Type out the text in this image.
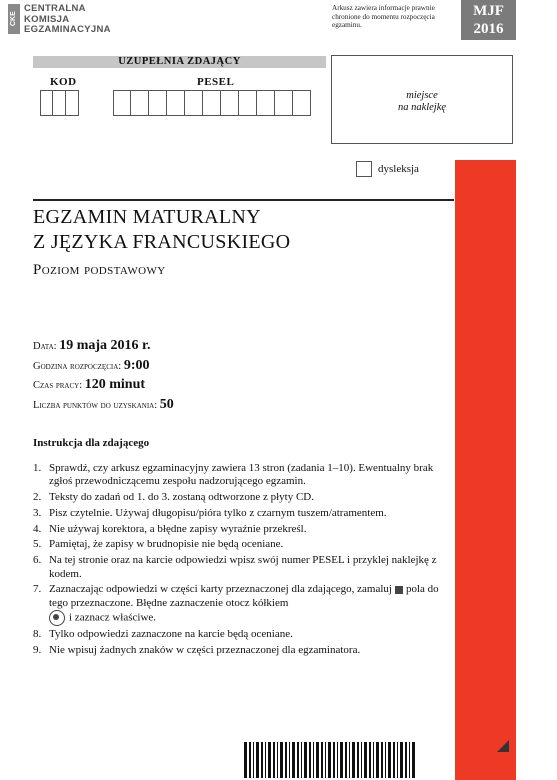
CKE
CENTRALNA
KOMISJA
EGZAMINACYJNA
Arkusz zawiera informacje prawnie chronione do momentu rozpoczęcia egzaminu.
MJF
2016
UZUPEŁNIA ZDAJĄCY
KOD	PESEL
miejsce
na naklejkę
dysleksja
EGZAMIN MATURALNY
Z JĘZYKA FRANCUSKIEGO
Poziom podstawowy
Data: 19 maja 2016 r.
Godzina rozpoczęcia: 9:00
Czas pracy: 120 minut
Liczba punktów do uzyskania: 50
Instrukcja dla zdającego
1. Sprawdź, czy arkusz egzaminacyjny zawiera 13 stron (zadania 1–10). Ewentualny brak zgłoś przewodniczącemu zespołu nadzorującego egzamin.
2. Teksty do zadań od 1. do 3. zostaną odtworzone z płyty CD.
3. Pisz czytelnie. Używaj długopisu/pióra tylko z czarnym tuszem/atramentem.
4. Nie używaj korektora, a błędne zapisy wyraźnie przekreśl.
5. Pamiętaj, że zapisy w brudnopisie nie będą oceniane.
6. Na tej stronie oraz na karcie odpowiedzi wpisz swój numer PESEL i przyklej naklejkę z kodem.
7. Zaznaczając odpowiedzi w części karty przeznaczonej dla zdającego, zamaluj pola do tego przeznaczone. Błędne zaznaczenie otocz kółkiem
i zaznacz właściwe.
8. Tylko odpowiedzi zaznaczone na karcie będą oceniane.
9. Nie wpisuj żadnych znaków w części przeznaczonej dla egzaminatora.
